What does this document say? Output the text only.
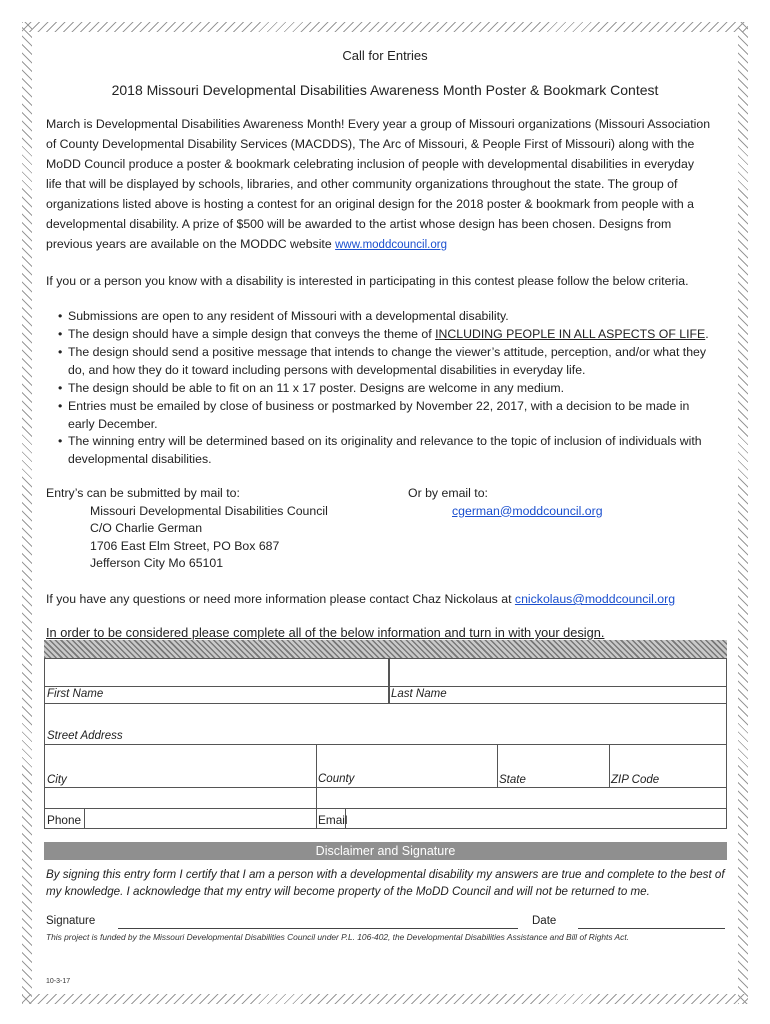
Call for Entries
2018 Missouri Developmental Disabilities Awareness Month Poster & Bookmark Contest
March is Developmental Disabilities Awareness Month! Every year a group of Missouri organizations (Missouri Association
of County Developmental Disability Services (MACDDS), The Arc of Missouri, & People First of Missouri) along with the
MoDD Council produce a poster & bookmark celebrating inclusion of people with developmental disabilities in everyday
life that will be displayed by schools, libraries, and other community organizations throughout the state. The group of
organizations listed above is hosting a contest for an original design for the 2018 poster & bookmark from people with a
developmental disability. A prize of $500 will be awarded to the artist whose design has been chosen. Designs from
previous years are available on the MODDC website www.moddcouncil.org
If you or a person you know with a disability is interested in participating in this contest please follow the below criteria.
• Submissions are open to any resident of Missouri with a developmental disability.
• The design should have a simple design that conveys the theme of INCLUDING PEOPLE IN ALL ASPECTS OF LIFE.
• The design should send a positive message that intends to change the viewer’s attitude, perception, and/or what they
do, and how they do it toward including persons with developmental disabilities in everyday life.
• The design should be able to fit on an 11 x 17 poster. Designs are welcome in any medium.
• Entries must be emailed by close of business or postmarked by November 22, 2017, with a decision to be made in
early December.
• The winning entry will be determined based on its originality and relevance to the topic of inclusion of individuals with
developmental disabilities.
Entry’s can be submitted by mail to:
Missouri Developmental Disabilities Council
C/O Charlie German
1706 East Elm Street, PO Box 687
Jefferson City Mo 65101
Or by email to:
cgerman@moddcouncil.org
If you have any questions or need more information please contact Chaz Nickolaus at cnickolaus@moddcouncil.org
In order to be considered please complete all of the below information and turn in with your design.
First Name	Last Name
Street Address
City	County	State	ZIP Code
Phone	Email
Disclaimer and Signature
By signing this entry form I certify that I am a person with a developmental disability my answers are true and complete to the best of
my knowledge. I acknowledge that my entry will become property of the MoDD Council and will not be returned to me.
Signature	Date
This project is funded by the Missouri Developmental Disabilities Council under P.L. 106-402, the Developmental Disabilities Assistance and Bill of Rights Act.
10-3-17
